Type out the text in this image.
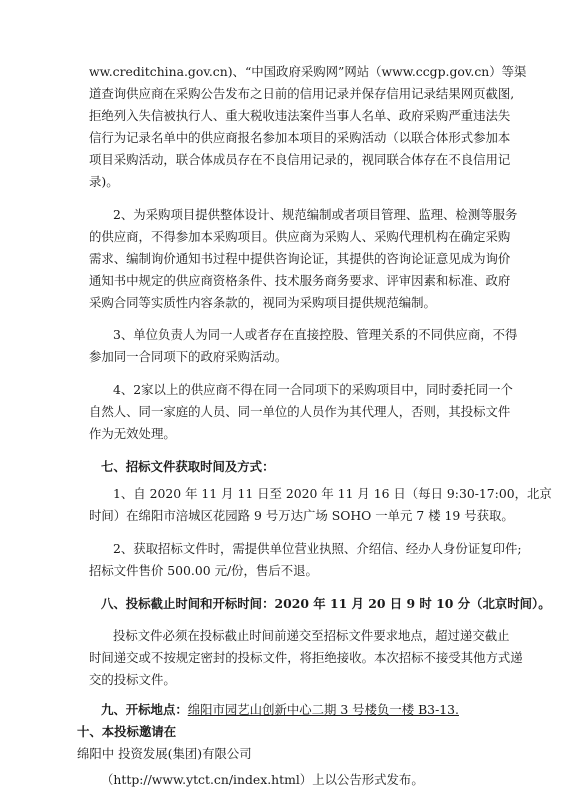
ww.creditchina.gov.cn)、“中国政府采购网”网站（www.ccgp.gov.cn）等渠
道查询供应商在采购公告发布之日前的信用记录并保存信用记录结果网页截图,
拒绝列入失信被执行人、重大税收违法案件当事人名单、政府采购严重违法失
信行为记录名单中的供应商报名参加本项目的采购活动（以联合体形式参加本
项目采购活动，联合体成员存在不良信用记录的，视同联合体存在不良信用记
录)。
2、为采购项目提供整体设计、规范编制或者项目管理、监理、检测等服务
的供应商，不得参加本采购项目。供应商为采购人、采购代理机构在确定采购
需求、编制询价通知书过程中提供咨询论证，其提供的咨询论证意见成为询价
通知书中规定的供应商资格条件、技术服务商务要求、评审因素和标准、政府
采购合同等实质性内容条款的，视同为采购项目提供规范编制。
3、单位负责人为同一人或者存在直接控股、管理关系的不同供应商，不得
参加同一合同项下的政府采购活动。
4、2家以上的供应商不得在同一合同项下的采购项目中，同时委托同一个
自然人、同一家庭的人员、同一单位的人员作为其代理人，否则，其投标文件
作为无效处理。
七、招标文件获取时间及方式：
1、自 2020 年 11 月 11 日至 2020 年 11 月 16 日（每日 9:30-17:00，北京
时间）在绵阳市涪城区花园路 9 号万达广场 SOHO 一单元 7 楼 19 号获取。
2、获取招标文件时，需提供单位营业执照、介绍信、经办人身份证复印件;
招标文件售价 500.00 元/份，售后不退。
八、投标截止时间和开标时间：2020 年 11 月 20 日 9 时 10 分（北京时间）。
投标文件必须在投标截止时间前递交至招标文件要求地点，超过递交截止
时间递交或不按规定密封的投标文件，将拒绝接收。本次招标不接受其他方式递
交的投标文件。
九、开标地点：绵阳市园艺山创新中心二期 3 号楼负一楼 B3-13.
十、本投标邀请在
绵阳中 投资发展(集团)有限公司
（http://www.ytct.cn/index.html）上以公告形式发布。
